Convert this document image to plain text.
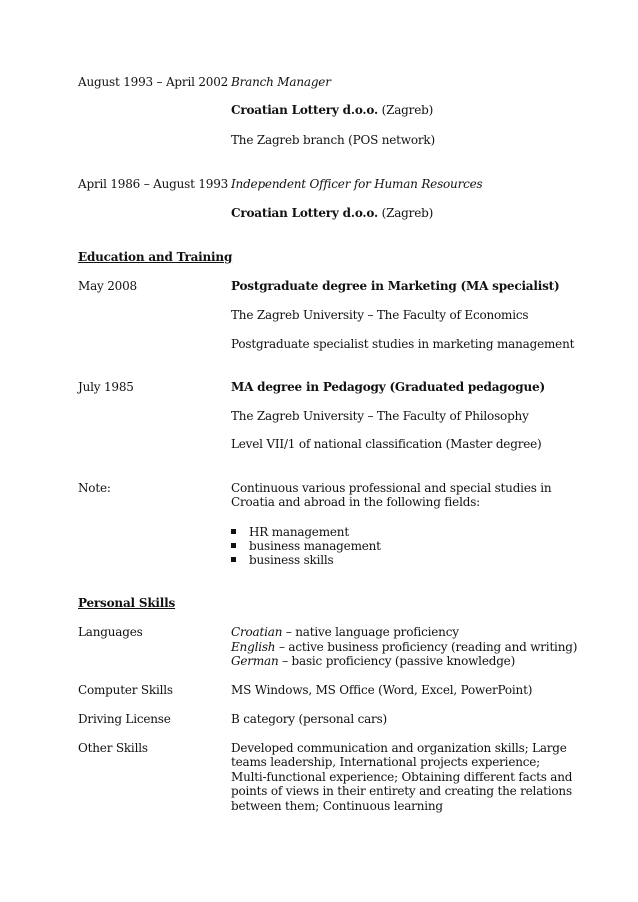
August 1993 – April 2002 Branch Manager
Croatian Lottery d.o.o. (Zagreb)
The Zagreb branch (POS network)
April 1986 – August 1993 Independent Officer for Human Resources
Croatian Lottery d.o.o. (Zagreb)
Education and Training
May 2008	Postgraduate degree in Marketing (MA specialist)
The Zagreb University – The Faculty of Economics
Postgraduate specialist studies in marketing management
July 1985	MA degree in Pedagogy (Graduated pedagogue)
The Zagreb University – The Faculty of Philosophy
Level VII/1 of national classification (Master degree)
Note:	Continuous various professional and special studies in Croatia and abroad in the following fields:
HR management
business management
business skills
Personal Skills
Languages	Croatian – native language proficiency
English – active business proficiency (reading and writing)
German – basic proficiency (passive knowledge)
Computer Skills	MS Windows, MS Office (Word, Excel, PowerPoint)
Driving License	B category (personal cars)
Other Skills	Developed communication and organization skills; Large teams leadership, International projects experience; Multi-functional experience; Obtaining different facts and points of views in their entirety and creating the relations between them; Continuous learning
